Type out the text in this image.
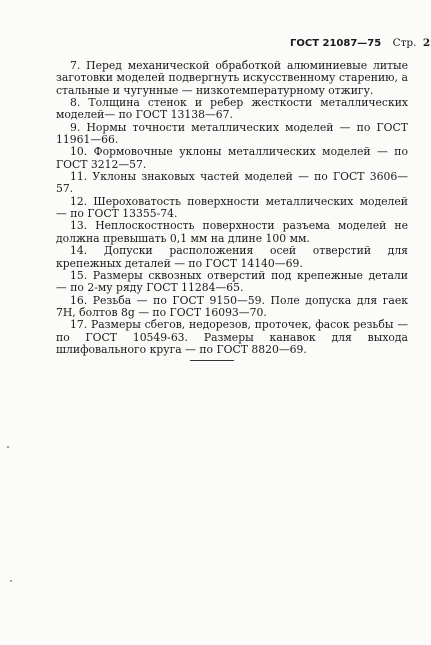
ГОСТ 21087—75 Стр. 2

7. Перед механической обработкой алюминиевые литые заготовки моделей подвергнуть искусственному старению, а стальные и чугунные — низкотемпературному отжигу.

8. Толщина стенок и ребер жесткости металлических моделей— по ГОСТ 13138—67.

9. Нормы точности металлических моделей — по ГОСТ 11961—66.

10. Формовочные уклоны металлических моделей — по ГОСТ 3212—57.

11. Уклоны знаковых частей моделей — по ГОСТ 3606—57.

12. Шероховатость поверхности металлических моделей — по ГОСТ 13355-74.

13. Неплоскостность поверхности разъема моделей не должна превышать 0,1 мм на длине 100 мм.

14. Допуски расположения осей отверстий для крепежных деталей — по ГОСТ 14140—69.

15. Размеры сквозных отверстий под крепежные детали — по 2-му ряду ГОСТ 11284—65.

16. Резьба — по ГОСТ 9150—59. Поле допуска для гаек 7H, болтов 8g — по ГОСТ 16093—70.

17. Размеры сбегов, недорезов, проточек, фасок резьбы — по ГОСТ 10549-63. Размеры канавок для выхода шлифовального круга — по ГОСТ 8820—69.
